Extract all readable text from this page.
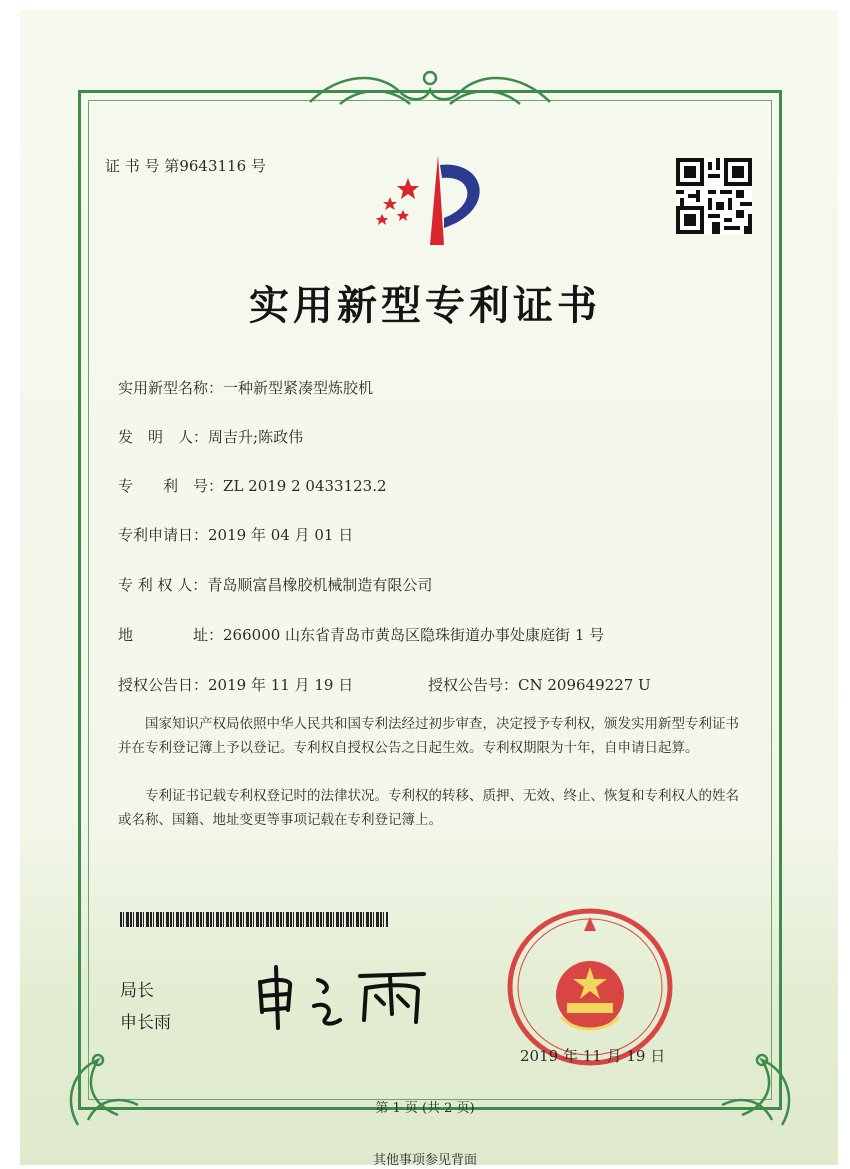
证 书 号 第9643116 号
实用新型专利证书
实用新型名称：一种新型紧凑型炼胶机
发　明　人：周吉升;陈政伟
专　　利　号：ZL 2019 2 0433123.2
专利申请日：2019 年 04 月 01 日
专 利 权 人：青岛顺富昌橡胶机械制造有限公司
地　　　　址：266000 山东省青岛市黄岛区隐珠街道办事处康庭街 1 号
授权公告日：2019 年 11 月 19 日	授权公告号：CN 209649227 U
国家知识产权局依照中华人民共和国专利法经过初步审查，决定授予专利权，颁发实用新型专利证书并在专利登记簿上予以登记。专利权自授权公告之日起生效。专利权期限为十年，自申请日起算。
专利证书记载专利权登记时的法律状况。专利权的转移、质押、无效、终止、恢复和专利权人的姓名或名称、国籍、地址变更等事项记载在专利登记簿上。
局长
申长雨
2019 年 11 月 19 日
第 1 页 (共 2 页)
其他事项参见背面
